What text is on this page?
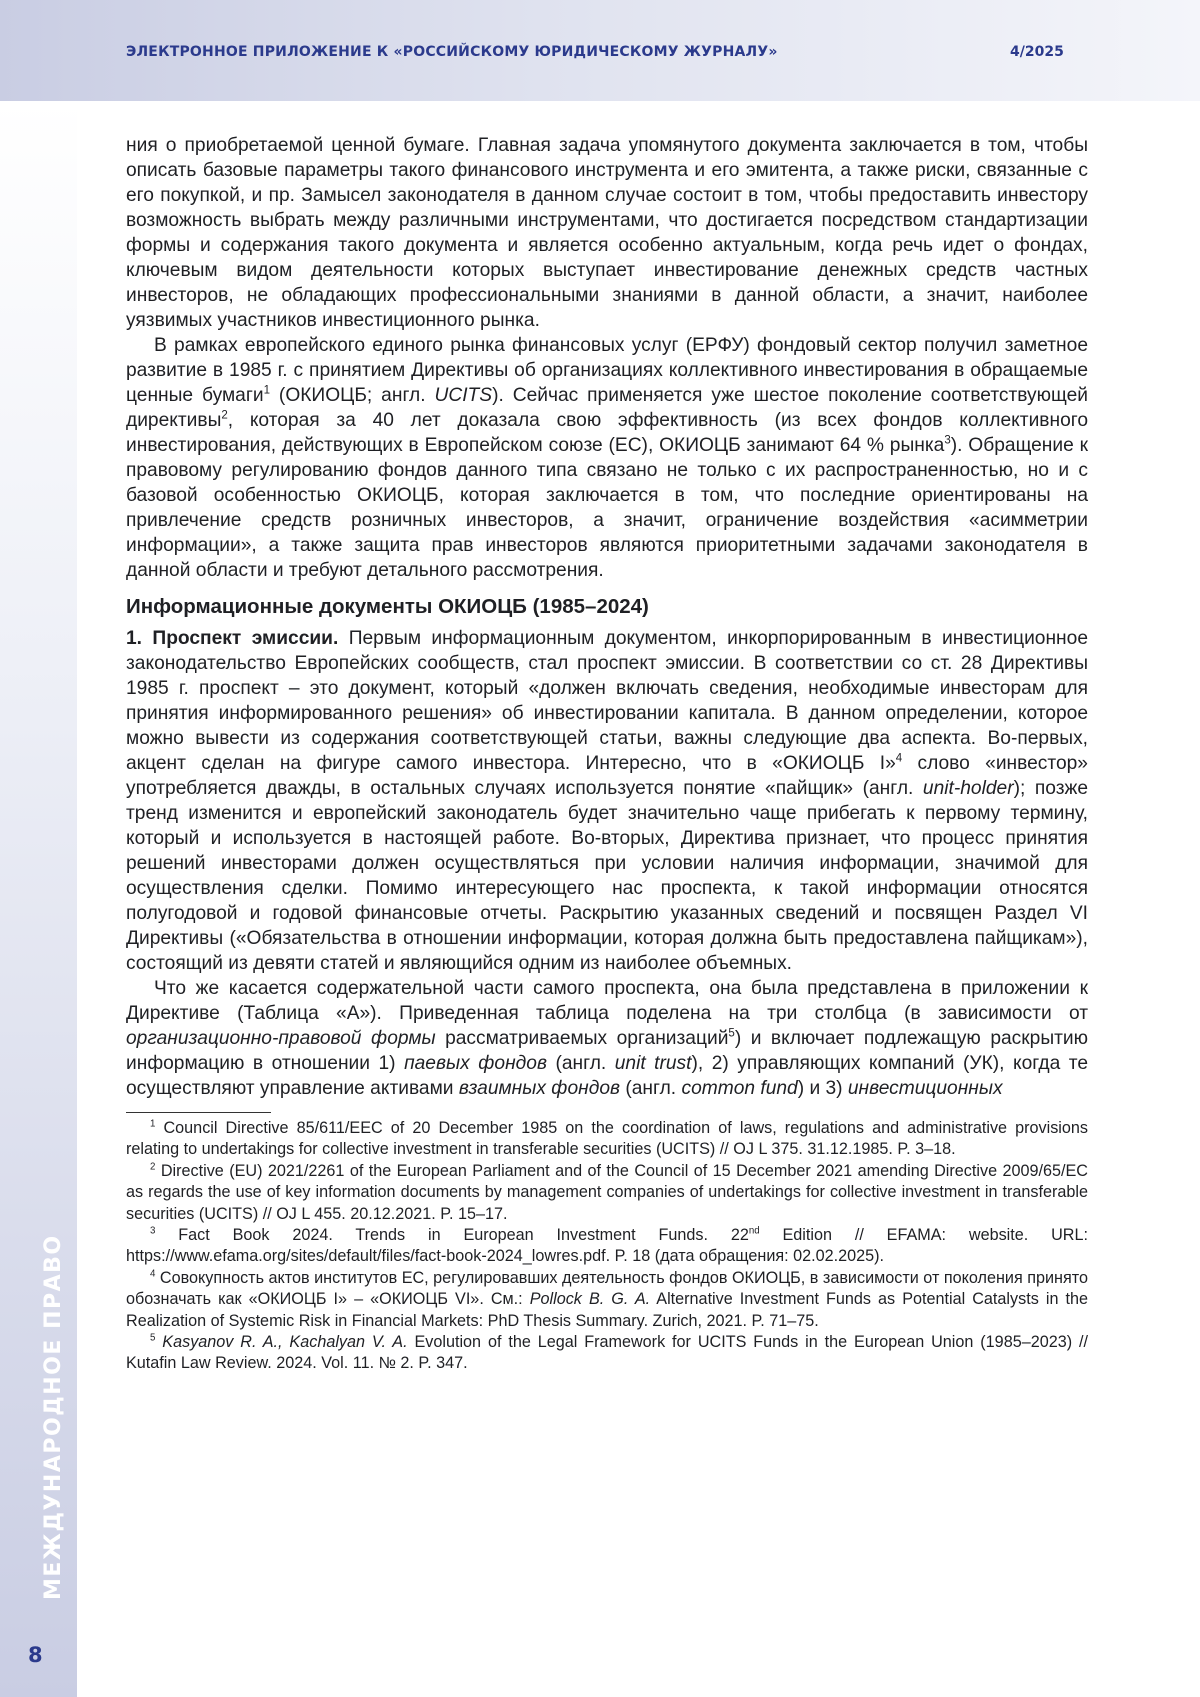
ЭЛЕКТРОННОЕ ПРИЛОЖЕНИЕ К «РОССИЙСКОМУ ЮРИДИЧЕСКОМУ ЖУРНАЛУ»	4/2025
МЕЖДУНАРОДНОЕ ПРАВО
8

ния о приобретаемой ценной бумаге. Главная задача упомянутого документа заключается в том, чтобы описать базовые параметры такого финансового инструмента и его эмитента, а также риски, связанные с его покупкой, и пр. Замысел законодателя в данном случае состоит в том, чтобы предоставить инвестору возможность выбрать между различными инструментами, что достигается посредством стандартизации формы и содержания такого документа и является особенно актуальным, когда речь идет о фондах, ключевым видом деятельности которых выступает инвестирование денежных средств частных инвесторов, не обладающих профессиональными знаниями в данной области, а значит, наиболее уязвимых участников инвестиционного рынка.

В рамках европейского единого рынка финансовых услуг (ЕРФУ) фондовый сектор получил заметное развитие в 1985 г. с принятием Директивы об организациях коллективного инвестирования в обращаемые ценные бумаги1 (ОКИОЦБ; англ. UCITS). Сейчас применяется уже шестое поколение соответствующей директивы2, которая за 40 лет доказала свою эффективность (из всех фондов коллективного инвестирования, действующих в Европейском союзе (ЕС), ОКИОЦБ занимают 64 % рынка3). Обращение к правовому регулированию фондов данного типа связано не только с их распространенностью, но и с базовой особенностью ОКИОЦБ, которая заключается в том, что последние ориентированы на привлечение средств розничных инвесторов, а значит, ограничение воздействия «асимметрии информации», а также защита прав инвесторов являются приоритетными задачами законодателя в данной области и требуют детального рассмотрения.

Информационные документы ОКИОЦБ (1985–2024)

1. Проспект эмиссии. Первым информационным документом, инкорпорированным в инвестиционное законодательство Европейских сообществ, стал проспект эмиссии. В соответствии со ст. 28 Директивы 1985 г. проспект – это документ, который «должен включать сведения, необходимые инвесторам для принятия информированного решения» об инвестировании капитала. В данном определении, которое можно вывести из содержания соответствующей статьи, важны следующие два аспекта. Во-первых, акцент сделан на фигуре самого инвестора. Интересно, что в «ОКИОЦБ I»4 слово «инвестор» употребляется дважды, в остальных случаях используется понятие «пайщик» (англ. unit-holder); позже тренд изменится и европейский законодатель будет значительно чаще прибегать к первому термину, который и используется в настоящей работе. Во-вторых, Директива признает, что процесс принятия решений инвесторами должен осуществляться при условии наличия информации, значимой для осуществления сделки. Помимо интересующего нас проспекта, к такой информации относятся полугодовой и годовой финансовые отчеты. Раскрытию указанных сведений и посвящен Раздел VI Директивы («Обязательства в отношении информации, которая должна быть предоставлена пайщикам»), состоящий из девяти статей и являющийся одним из наиболее объемных.

Что же касается содержательной части самого проспекта, она была представлена в приложении к Директиве (Таблица «А»). Приведенная таблица поделена на три столбца (в зависимости от организационно-правовой формы рассматриваемых организаций5) и включает подлежащую раскрытию информацию в отношении 1) паевых фондов (англ. unit trust), 2) управляющих компаний (УК), когда те осуществляют управление активами взаимных фондов (англ. common fund) и 3) инвестиционных

1 Council Directive 85/611/EEC of 20 December 1985 on the coordination of laws, regulations and administrative provisions relating to undertakings for collective investment in transferable securities (UCITS) // OJ L 375. 31.12.1985. P. 3–18.

2 Directive (EU) 2021/2261 of the European Parliament and of the Council of 15 December 2021 amending Directive 2009/65/EC as regards the use of key information documents by management companies of undertakings for collective investment in transferable securities (UCITS) // OJ L 455. 20.12.2021. P. 15–17.

3 Fact Book 2024. Trends in European Investment Funds. 22nd Edition // EFAMA: website. URL: https://www.efama.org/sites/default/files/fact-book-2024_lowres.pdf. P. 18 (дата обращения: 02.02.2025).

4 Совокупность актов институтов ЕС, регулировавших деятельность фондов ОКИОЦБ, в зависимости от поколения принято обозначать как «ОКИОЦБ I» – «ОКИОЦБ VI». См.: Pollock B. G. A. Alternative Investment Funds as Potential Catalysts in the Realization of Systemic Risk in Financial Markets: PhD Thesis Summary. Zurich, 2021. P. 71–75.

5 Kasyanov R. A., Kachalyan V. A. Evolution of the Legal Framework for UCITS Funds in the European Union (1985–2023) // Kutafin Law Review. 2024. Vol. 11. № 2. P. 347.
